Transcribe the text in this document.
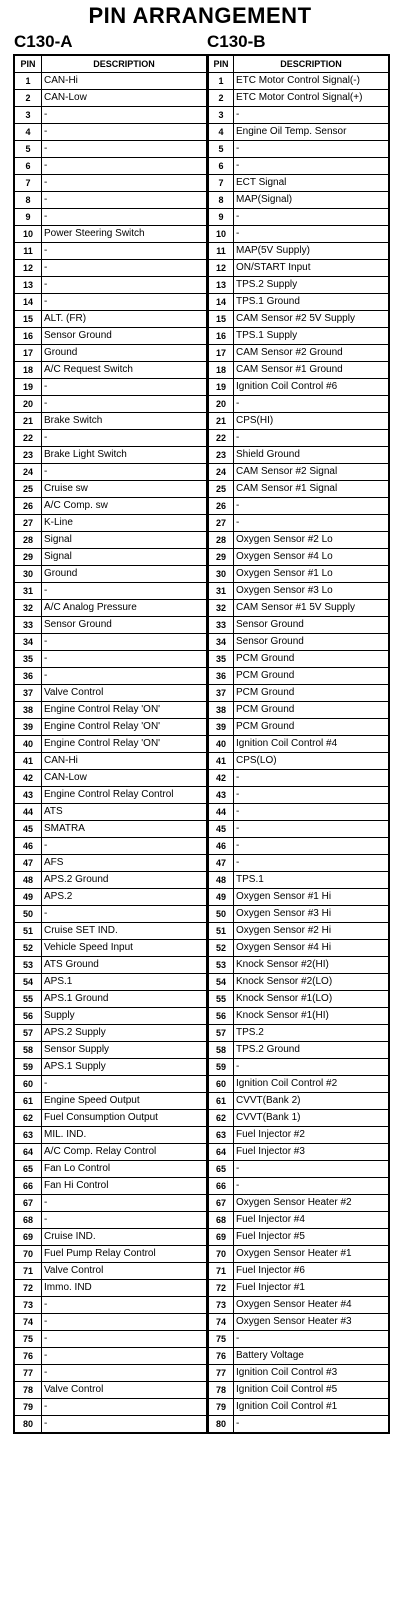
PIN ARRANGEMENT
C130-A	C130-B
PIN	DESCRIPTION
1	CAN-Hi
2	CAN-Low
3	-
4	-
5	-
6	-
7	-
8	-
9	-
10	Power Steering Switch
11	-
12	-
13	-
14	-
15	ALT. (FR)
16	Sensor Ground
17	Ground
18	A/C Request Switch
19	-
20	-
21	Brake Switch
22	-
23	Brake Light Switch
24	-
25	Cruise sw
26	A/C Comp. sw
27	K-Line
28	Signal
29	Signal
30	Ground
31	-
32	A/C Analog Pressure
33	Sensor Ground
34	-
35	-
36	-
37	Valve Control
38	Engine Control Relay 'ON'
39	Engine Control Relay 'ON'
40	Engine Control Relay 'ON'
41	CAN-Hi
42	CAN-Low
43	Engine Control Relay Control
44	ATS
45	SMATRA
46	-
47	AFS
48	APS.2 Ground
49	APS.2
50	-
51	Cruise SET IND.
52	Vehicle Speed Input
53	ATS Ground
54	APS.1
55	APS.1 Ground
56	Supply
57	APS.2 Supply
58	Sensor Supply
59	APS.1 Supply
60	-
61	Engine Speed Output
62	Fuel Consumption Output
63	MIL. IND.
64	A/C Comp. Relay Control
65	Fan Lo Control
66	Fan Hi Control
67	-
68	-
69	Cruise IND.
70	Fuel Pump Relay Control
71	Valve Control
72	Immo. IND
73	-
74	-
75	-
76	-
77	-
78	Valve Control
79	-
80	-
PIN	DESCRIPTION
1	ETC Motor Control Signal(-)
2	ETC Motor Control Signal(+)
3	-
4	Engine Oil Temp. Sensor
5	-
6	-
7	ECT Signal
8	MAP(Signal)
9	-
10	-
11	MAP(5V Supply)
12	ON/START Input
13	TPS.2 Supply
14	TPS.1 Ground
15	CAM Sensor #2 5V Supply
16	TPS.1 Supply
17	CAM Sensor #2 Ground
18	CAM Sensor #1 Ground
19	Ignition Coil Control #6
20	-
21	CPS(HI)
22	-
23	Shield Ground
24	CAM Sensor #2 Signal
25	CAM Sensor #1 Signal
26	-
27	-
28	Oxygen Sensor #2 Lo
29	Oxygen Sensor #4 Lo
30	Oxygen Sensor #1 Lo
31	Oxygen Sensor #3 Lo
32	CAM Sensor #1 5V Supply
33	Sensor Ground
34	Sensor Ground
35	PCM Ground
36	PCM Ground
37	PCM Ground
38	PCM Ground
39	PCM Ground
40	Ignition Coil Control #4
41	CPS(LO)
42	-
43	-
44	-
45	-
46	-
47	-
48	TPS.1
49	Oxygen Sensor #1 Hi
50	Oxygen Sensor #3 Hi
51	Oxygen Sensor #2 Hi
52	Oxygen Sensor #4 Hi
53	Knock Sensor #2(HI)
54	Knock Sensor #2(LO)
55	Knock Sensor #1(LO)
56	Knock Sensor #1(HI)
57	TPS.2
58	TPS.2 Ground
59	-
60	Ignition Coil Control #2
61	CVVT(Bank 2)
62	CVVT(Bank 1)
63	Fuel Injector #2
64	Fuel Injector #3
65	-
66	-
67	Oxygen Sensor Heater #2
68	Fuel Injector #4
69	Fuel Injector #5
70	Oxygen Sensor Heater #1
71	Fuel Injector #6
72	Fuel Injector #1
73	Oxygen Sensor Heater #4
74	Oxygen Sensor Heater #3
75	-
76	Battery Voltage
77	Ignition Coil Control #3
78	Ignition Coil Control #5
79	Ignition Coil Control #1
80	-
